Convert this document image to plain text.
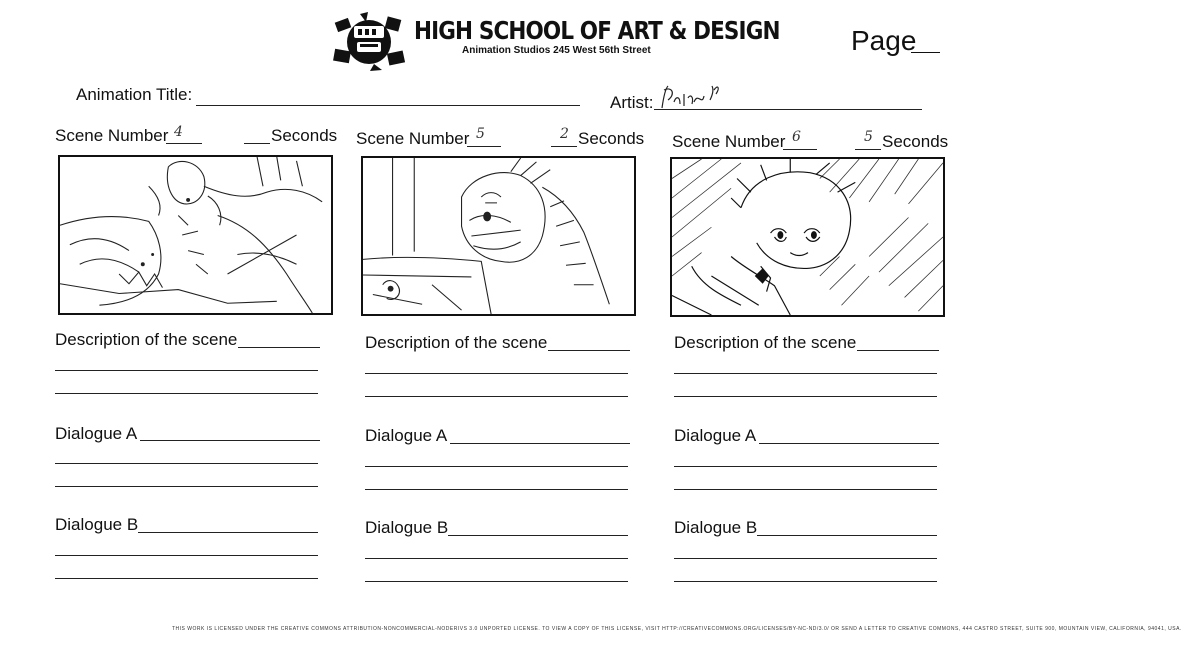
HIGH SCHOOL OF ART & DESIGN
Animation Studios 245 West 56th Street	Page
Animation Title:	Artist:
Scene Number 4	Seconds
Description of the scene
Dialogue A
Dialogue B
Scene Number 5	2 Seconds
Description of the scene
Dialogue A
Dialogue B
Scene Number 6	5 Seconds
Description of the scene
Dialogue A
Dialogue B
THIS WORK IS LICENSED UNDER THE CREATIVE COMMONS ATTRIBUTION-NONCOMMERCIAL-NODERIVS 3.0 UNPORTED LICENSE. TO VIEW A COPY OF THIS LICENSE, VISIT HTTP://CREATIVECOMMONS.ORG/LICENSES/BY-NC-ND/3.0/ OR SEND A LETTER TO CREATIVE COMMONS, 444 CASTRO STREET, SUITE 900, MOUNTAIN VIEW, CALIFORNIA, 94041, USA.
